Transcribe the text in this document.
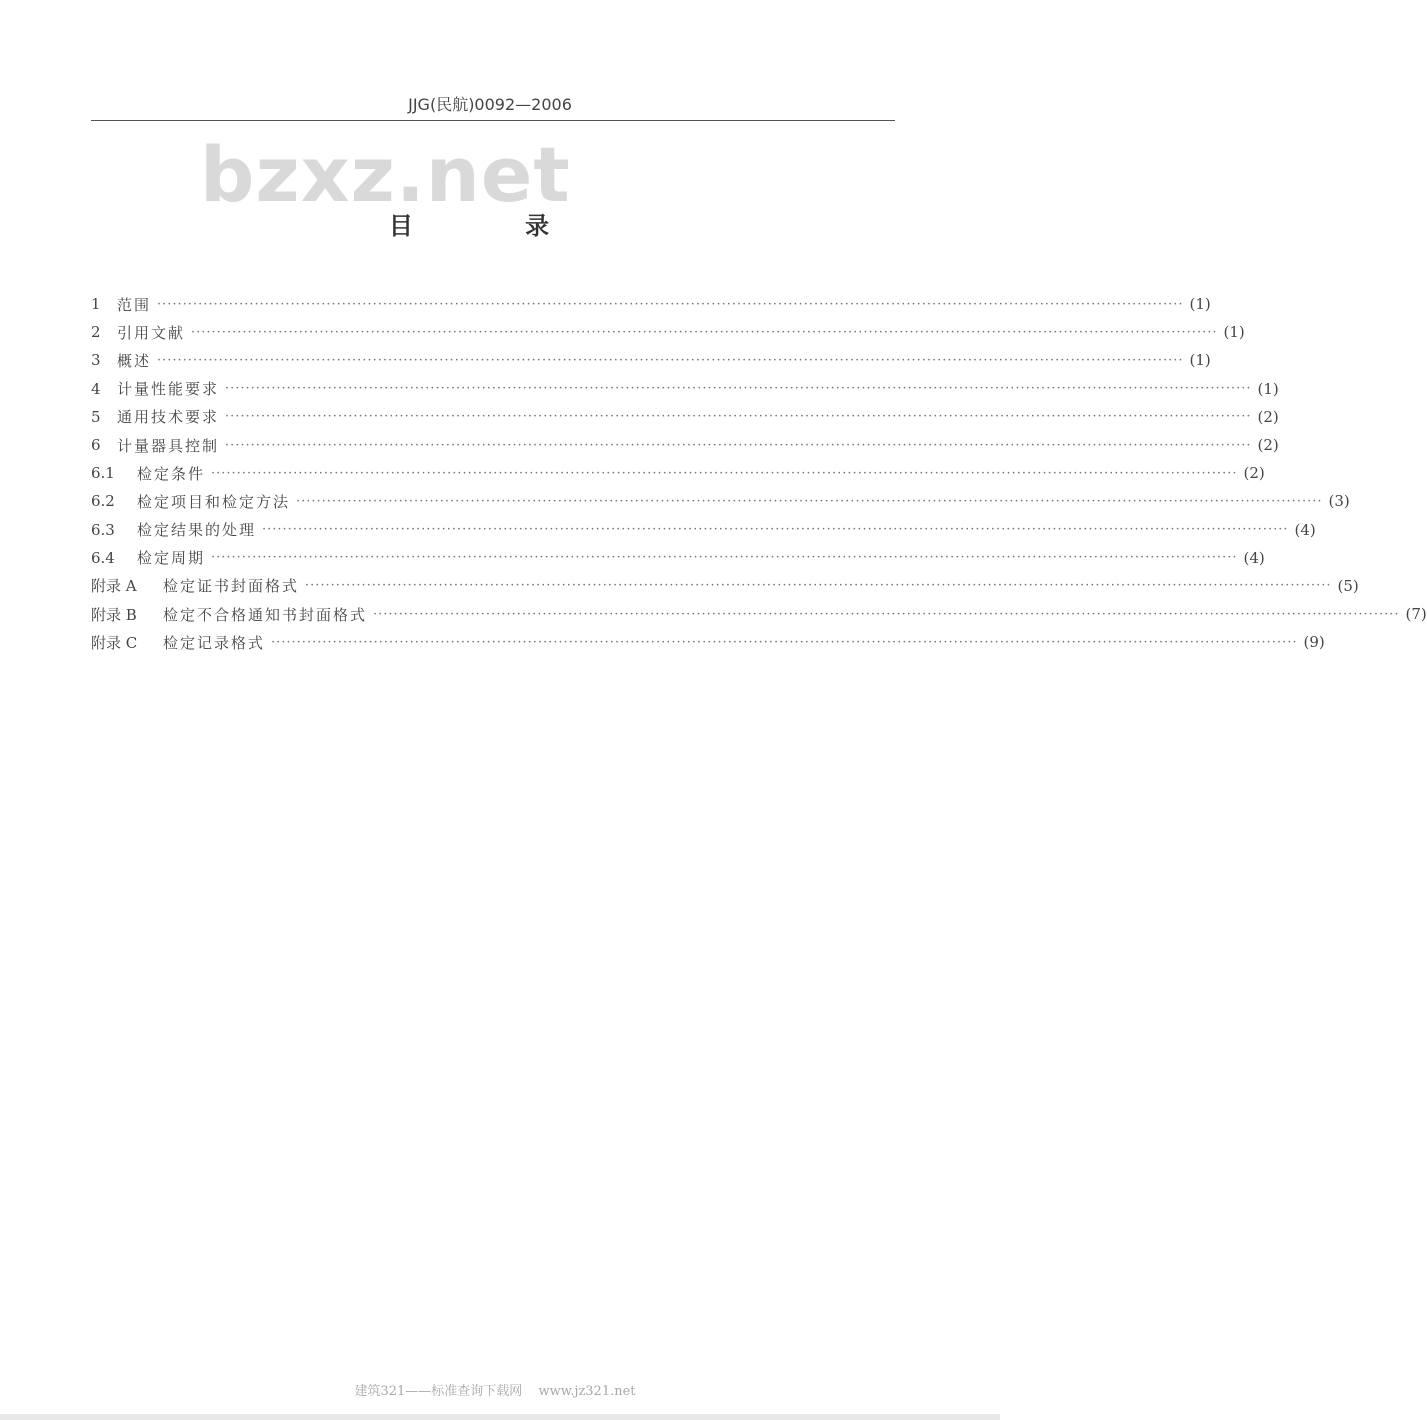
JJG(民航)0092—2006
bzxz.net
目 录
1	范围 ········································································································································································································ (1)
2	引用文献 ········································································································································································································ (1)
3	概述 ········································································································································································································ (1)
4	计量性能要求 ········································································································································································································ (1)
5	通用技术要求 ········································································································································································································ (2)
6	计量器具控制 ········································································································································································································ (2)
6.1	检定条件 ········································································································································································································ (2)
6.2	检定项目和检定方法 ········································································································································································································ (3)
6.3	检定结果的处理 ········································································································································································································ (4)
6.4	检定周期 ········································································································································································································ (4)
附录 A	检定证书封面格式 ········································································································································································································ (5)
附录 B	检定不合格通知书封面格式 ········································································································································································································ (7)
附录 C	检定记录格式 ········································································································································································································ (9)
建筑321——标准查询下载网 www.jz321.net
